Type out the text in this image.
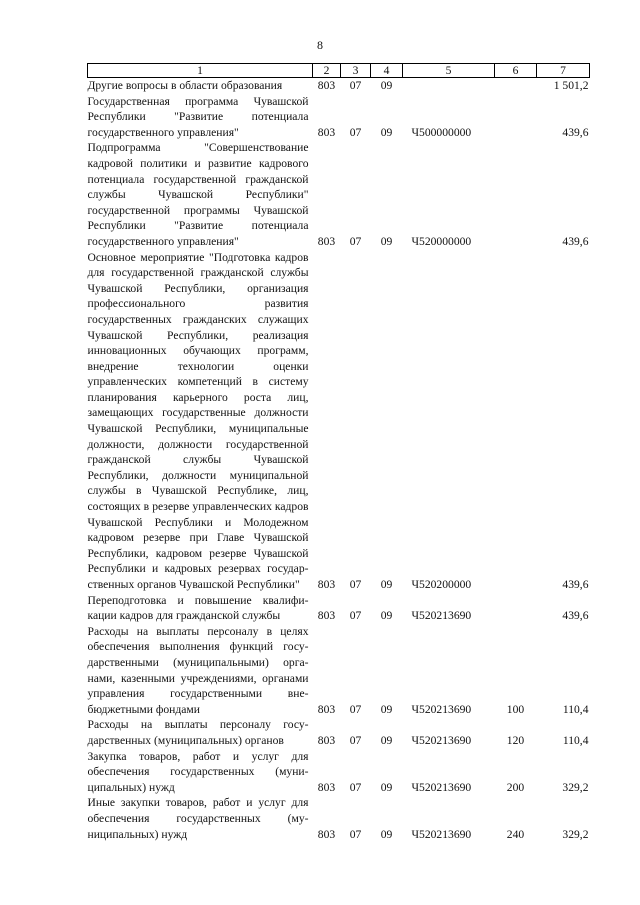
8
1	2	3	4	5	6	7
Другие вопросы в области образования	803	07	09			1 501,2
Государственная программа Чувашской Республики "Развитие потенциала государственного управления"	803	07	09	Ч500000000		439,6
Подпрограмма "Совершенствование кадровой политики и развитие кадрового потенциала государственной гражданской службы Чувашской Республики" государственной программы Чувашской Республики "Развитие потенциала государственного управления"	803	07	09	Ч520000000		439,6
Основное мероприятие "Подготовка кадров для государственной гражданской службы Чувашской Республики, организация профессионального развития государственных гражданских служащих Чувашской Республики, реализация инновационных обучающих программ, внедрение технологии оценки управленческих компетенций в систему планирования карьерного роста лиц, замещающих государственные должности Чувашской Республики, муниципальные должности, должности государственной гражданской службы Чувашской Республики, должности муниципальной службы в Чувашской Республике, лиц, состоящих в резерве управленческих кадров Чувашской Республики и Молодежном кадровом резерве при Главе Чувашской Республики, кадровом резерве Чувашской Республики и кадровых резервах государственных органов Чувашской Республики"	803	07	09	Ч520200000		439,6
Переподготовка и повышение квалификации кадров для гражданской службы	803	07	09	Ч520213690		439,6
Расходы на выплаты персоналу в целях обеспечения выполнения функций государственными (муниципальными) органами, казенными учреждениями, органами управления государственными внебюджетными фондами	803	07	09	Ч520213690	100	110,4
Расходы на выплаты персоналу государственных (муниципальных) органов	803	07	09	Ч520213690	120	110,4
Закупка товаров, работ и услуг для обеспечения государственных (муниципальных) нужд	803	07	09	Ч520213690	200	329,2
Иные закупки товаров, работ и услуг для обеспечения государственных (муниципальных) нужд	803	07	09	Ч520213690	240	329,2
